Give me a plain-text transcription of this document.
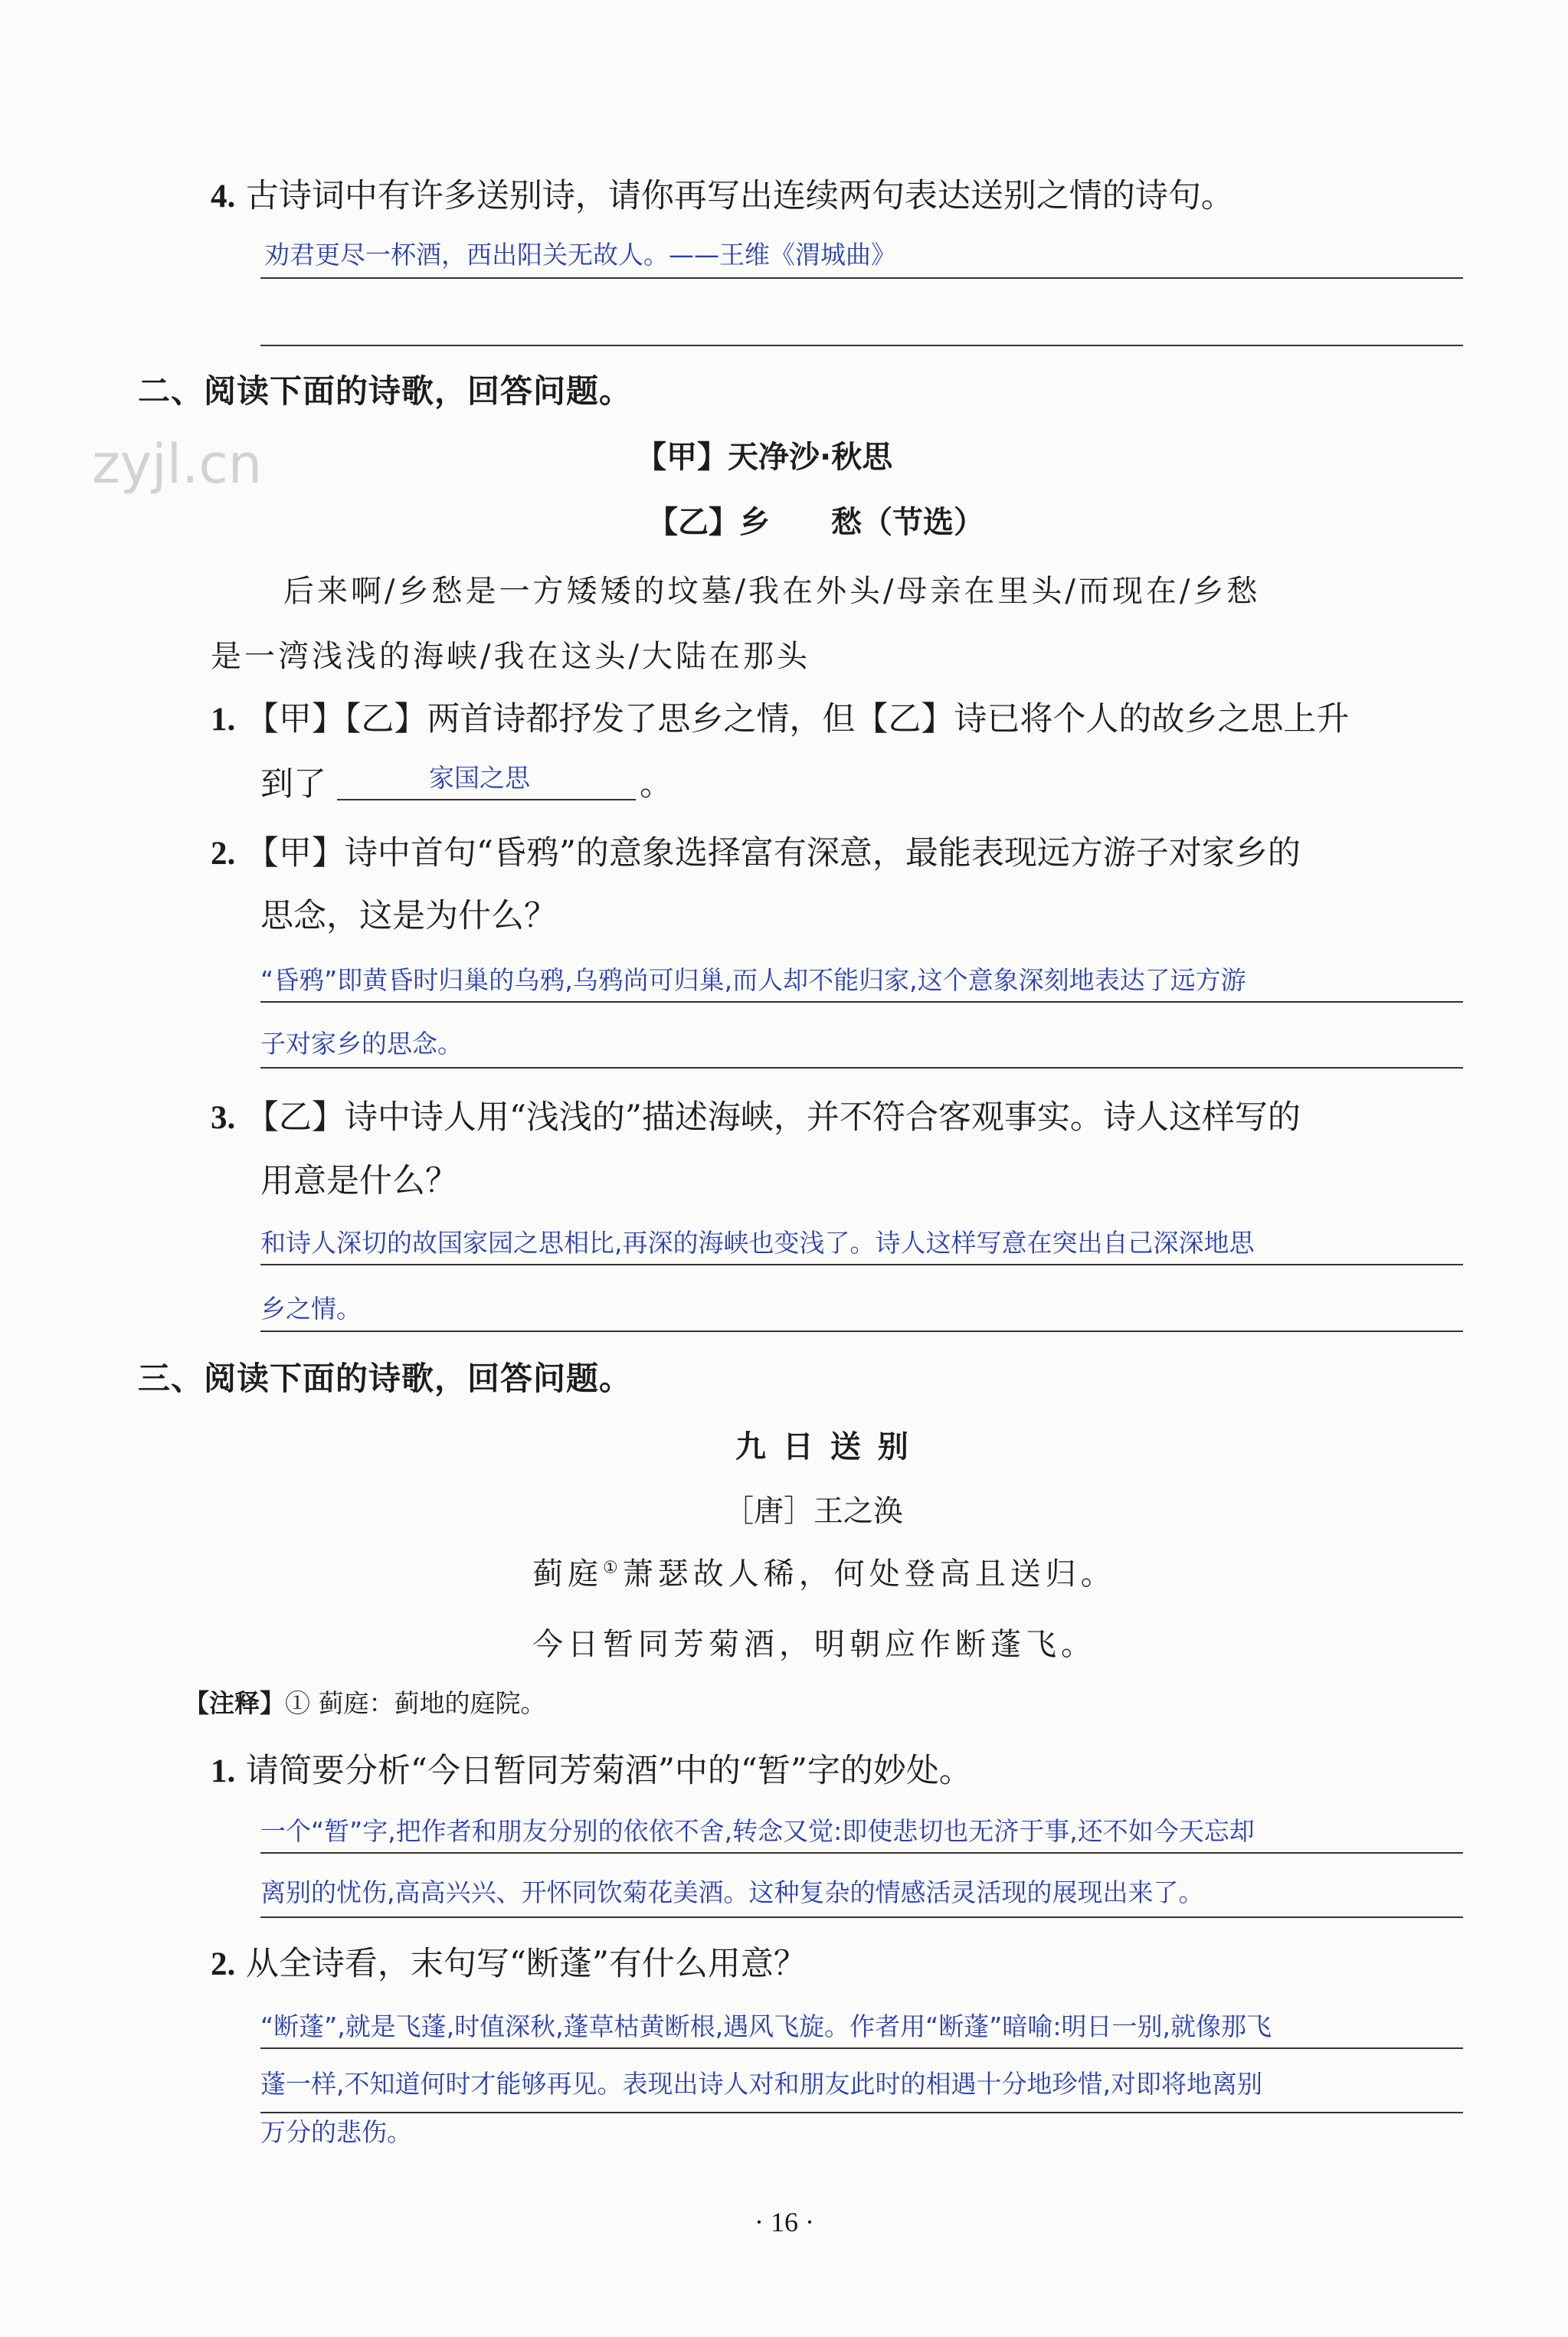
zyjl.cn
4. 古诗词中有许多送别诗，请你再写出连续两句表达送别之情的诗句。
劝君更尽一杯酒，西出阳关无故人。——王维《渭城曲》
二、阅读下面的诗歌，回答问题。
【甲】天净沙·秋思
【乙】乡　　愁（节选）
后来啊/乡愁是一方矮矮的坟墓/我在外头/母亲在里头/而现在/乡愁
是一湾浅浅的海峡/我在这头/大陆在那头
1. 【甲】【乙】两首诗都抒发了思乡之情，但【乙】诗已将个人的故乡之思上升
到了	家国之思	。
2. 【甲】诗中首句“昏鸦”的意象选择富有深意，最能表现远方游子对家乡的
思念，这是为什么？
“昏鸦”即黄昏时归巢的乌鸦,乌鸦尚可归巢,而人却不能归家,这个意象深刻地表达了远方游
子对家乡的思念。
3. 【乙】诗中诗人用“浅浅的”描述海峡，并不符合客观事实。诗人这样写的
用意是什么？
和诗人深切的故国家园之思相比,再深的海峡也变浅了。诗人这样写意在突出自己深深地思
乡之情。
三、阅读下面的诗歌，回答问题。
九 日 送 别
［唐］王之涣
蓟庭①萧瑟故人稀，何处登高且送归。
今日暂同芳菊酒，明朝应作断蓬飞。
【注释】① 蓟庭：蓟地的庭院。
1. 请简要分析“今日暂同芳菊酒”中的“暂”字的妙处。
一个“暂”字,把作者和朋友分别的依依不舍,转念又觉:即使悲切也无济于事,还不如今天忘却
离别的忧伤,高高兴兴、开怀同饮菊花美酒。这种复杂的情感活灵活现的展现出来了。
2. 从全诗看，末句写“断蓬”有什么用意？
“断蓬”,就是飞蓬,时值深秋,蓬草枯黄断根,遇风飞旋。作者用“断蓬”暗喻:明日一别,就像那飞
蓬一样,不知道何时才能够再见。表现出诗人对和朋友此时的相遇十分地珍惜,对即将地离别
万分的悲伤。
· 16 ·
